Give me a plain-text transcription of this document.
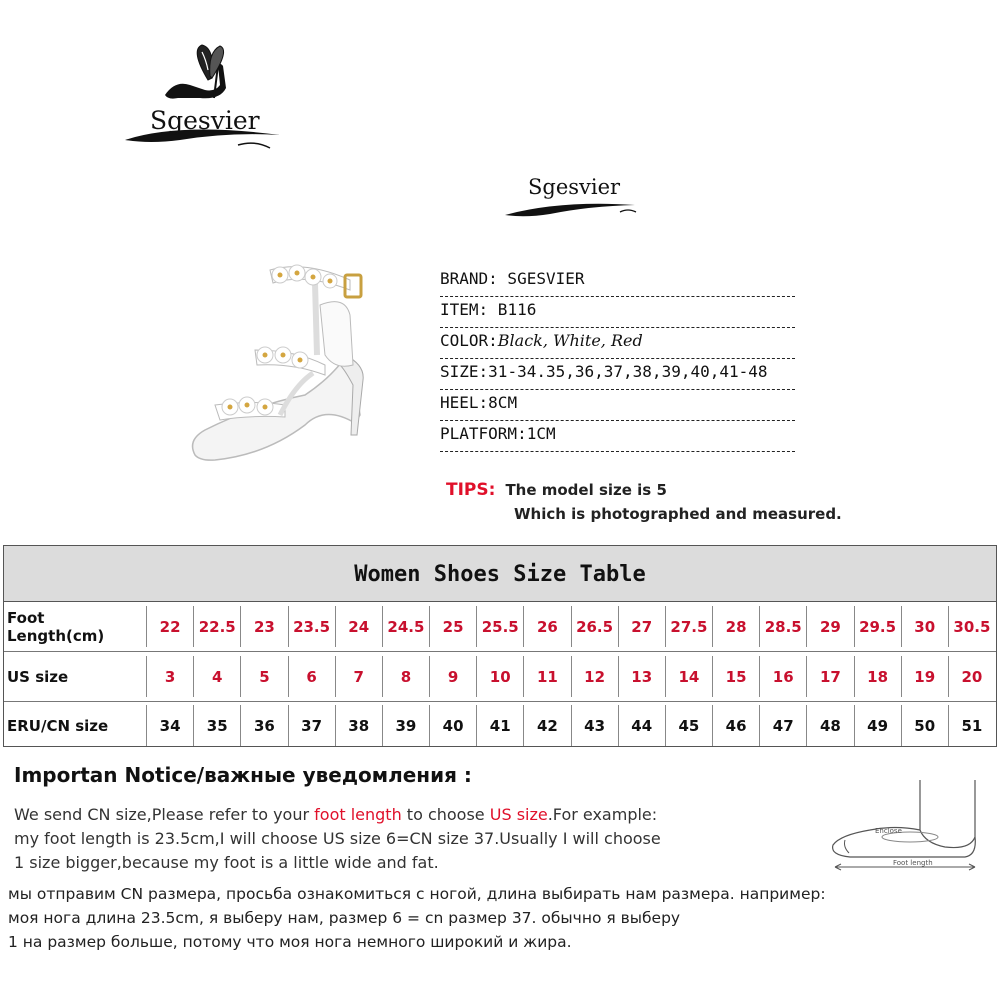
Sgesvier
Sgesvier
BRAND: SGESVIER
ITEM: B116
COLOR:Black, White, Red
SIZE:31-34.35,36,37,38,39,40,41-48
HEEL:8CM
PLATFORM:1CM
TIPS: The model size is 5
Which is photographed and measured.
Women Shoes Size Table
Foot Length(cm)	22	22.5	23	23.5	24	24.5	25	25.5	26	26.5	27	27.5	28	28.5	29	29.5	30	30.5
US size	3	4	5	6	7	8	9	10	11	12	13	14	15	16	17	18	19	20
ERU/CN size	34	35	36	37	38	39	40	41	42	43	44	45	46	47	48	49	50	51
Importan Notice/важные уведомления :
We send CN size,Please refer to your foot length to choose US size.For example:
my foot length is 23.5cm,I will choose US size 6=CN size 37.Usually I will choose
1 size bigger,because my foot is a little wide and fat.
мы отправим CN размера, просьба ознакомиться с ногой, длина выбирать нам размера. например:
моя нога длина 23.5cm, я выберу нам, размер 6 = cn размер 37. обычно я выберу
1 на размер больше, потому что моя нога немного широкий и жира.
Enclose
Foot length
